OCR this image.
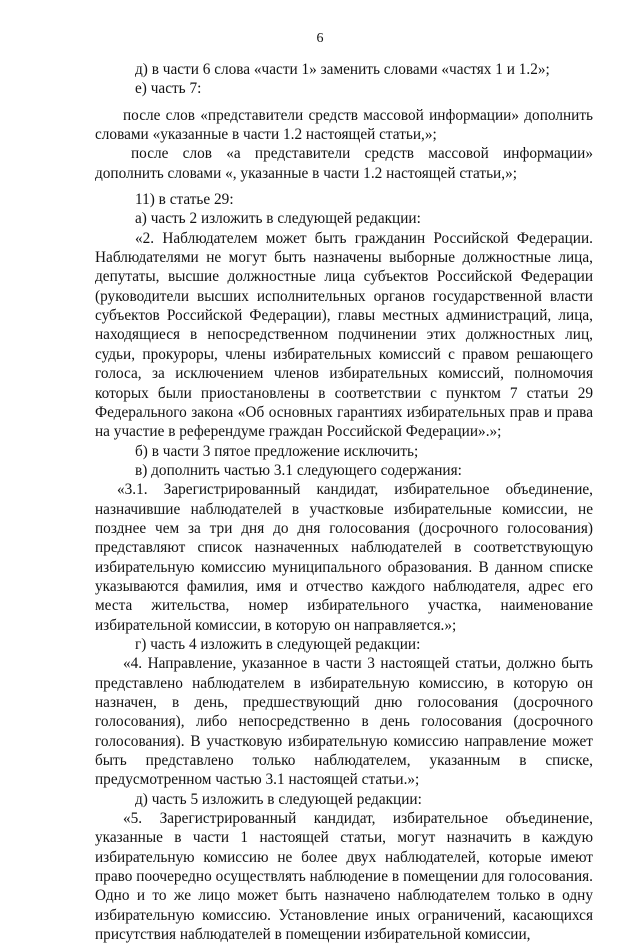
6

д) в части 6 слова «части 1» заменить словами «частях 1 и 1.2»;

е) часть 7:

после слов «представители средств массовой информации» дополнить словами «указанные в части 1.2 настоящей статьи,»;

после слов «а представители средств массовой информации» дополнить словами «, указанные в части 1.2 настоящей статьи,»;

11) в статье 29:

а) часть 2 изложить в следующей редакции:

«2. Наблюдателем может быть гражданин Российской Федерации. Наблюдателями не могут быть назначены выборные должностные лица, депутаты, высшие должностные лица субъектов Российской Федерации (руководители высших исполнительных органов государственной власти субъектов Российской Федерации), главы местных администраций, лица, находящиеся в непосредственном подчинении этих должностных лиц, судьи, прокуроры, члены избирательных комиссий с правом решающего голоса, за исключением членов избирательных комиссий, полномочия которых были приостановлены в соответствии с пунктом 7 статьи 29 Федерального закона «Об основных гарантиях избирательных прав и права на участие в референдуме граждан Российской Федерации».»;

б) в части 3 пятое предложение исключить;

в) дополнить частью 3.1 следующего содержания:

«3.1. Зарегистрированный кандидат, избирательное объединение, назначившие наблюдателей в участковые избирательные комиссии, не позднее чем за три дня до дня голосования (досрочного голосования) представляют список назначенных наблюдателей в соответствующую избирательную комиссию муниципального образования. В данном списке указываются фамилия, имя и отчество каждого наблюдателя, адрес его места жительства, номер избирательного участка, наименование избирательной комиссии, в которую он направляется.»;

г) часть 4 изложить в следующей редакции:

«4. Направление, указанное в части 3 настоящей статьи, должно быть представлено наблюдателем в избирательную комиссию, в которую он назначен, в день, предшествующий дню голосования (досрочного голосования), либо непосредственно в день голосования (досрочного голосования). В участковую избирательную комиссию направление может быть представлено только наблюдателем, указанным в списке, предусмотренном частью 3.1 настоящей статьи.»;

д) часть 5 изложить в следующей редакции:

«5. Зарегистрированный кандидат, избирательное объединение, указанные в части 1 настоящей статьи, могут назначить в каждую избирательную комиссию не более двух наблюдателей, которые имеют право поочередно осуществлять наблюдение в помещении для голосования. Одно и то же лицо может быть назначено наблюдателем только в одну избирательную комиссию. Установление иных ограничений, касающихся присутствия наблюдателей в помещении избирательной комиссии,
